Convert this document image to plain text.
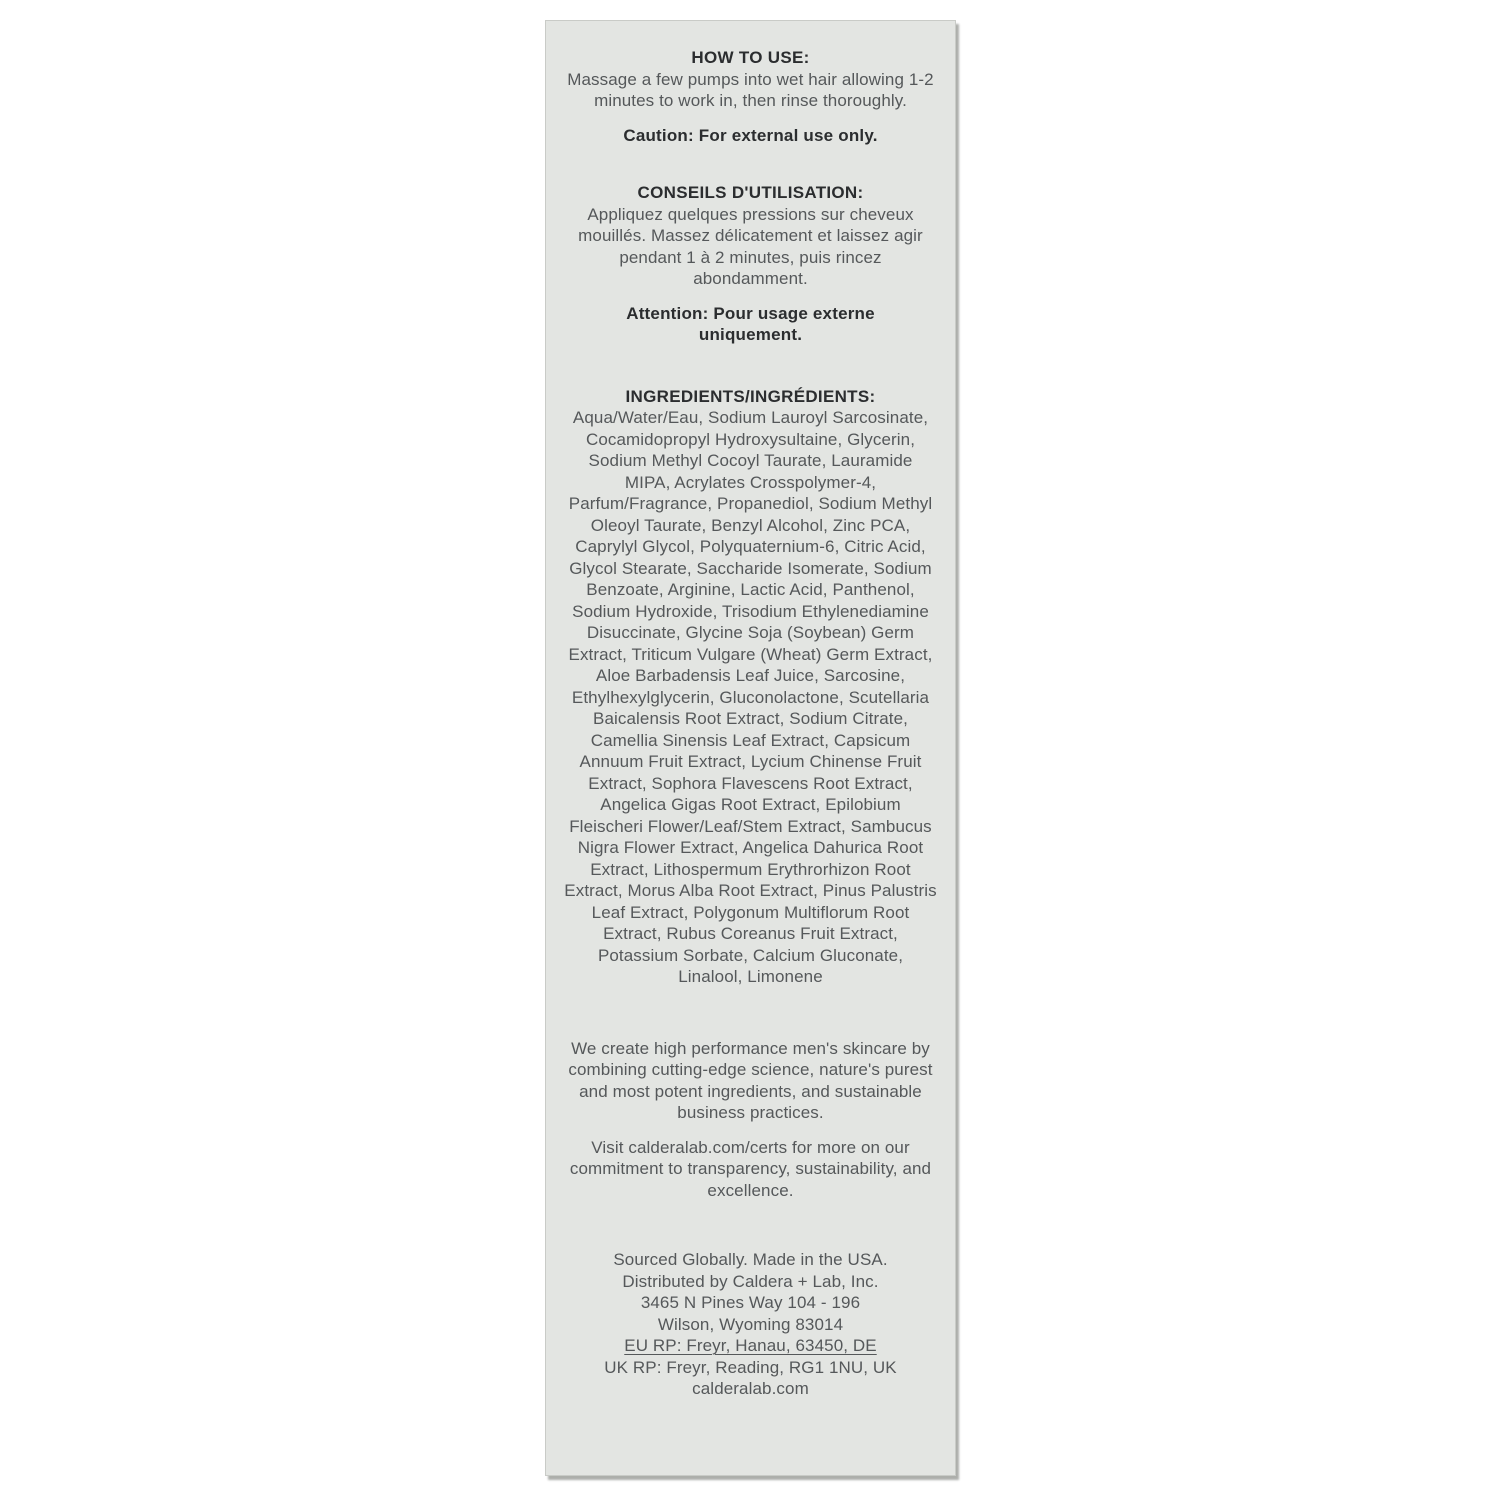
HOW TO USE:

Massage a few pumps into wet hair allowing 1-2 minutes to work in, then rinse thoroughly.

Caution: For external use only.

CONSEILS D'UTILISATION:

Appliquez quelques pressions sur cheveux mouillés. Massez délicatement et laissez agir pendant 1 à 2 minutes, puis rincez abondamment.

Attention: Pour usage externe uniquement.

INGREDIENTS/INGRÉDIENTS:

Aqua/Water/Eau, Sodium Lauroyl Sarcosinate, Cocamidopropyl Hydroxysultaine, Glycerin, Sodium Methyl Cocoyl Taurate, Lauramide MIPA, Acrylates Crosspolymer-4, Parfum/Fragrance, Propanediol, Sodium Methyl Oleoyl Taurate, Benzyl Alcohol, Zinc PCA, Caprylyl Glycol, Polyquaternium-6, Citric Acid, Glycol Stearate, Saccharide Isomerate, Sodium Benzoate, Arginine, Lactic Acid, Panthenol, Sodium Hydroxide, Trisodium Ethylenediamine Disuccinate, Glycine Soja (Soybean) Germ Extract, Triticum Vulgare (Wheat) Germ Extract, Aloe Barbadensis Leaf Juice, Sarcosine, Ethylhexylglycerin, Gluconolactone, Scutellaria Baicalensis Root Extract, Sodium Citrate, Camellia Sinensis Leaf Extract, Capsicum Annuum Fruit Extract, Lycium Chinense Fruit Extract, Sophora Flavescens Root Extract, Angelica Gigas Root Extract, Epilobium Fleischeri Flower/Leaf/Stem Extract, Sambucus Nigra Flower Extract, Angelica Dahurica Root Extract, Lithospermum Erythrorhizon Root Extract, Morus Alba Root Extract, Pinus Palustris Leaf Extract, Polygonum Multiflorum Root Extract, Rubus Coreanus Fruit Extract, Potassium Sorbate, Calcium Gluconate, Linalool, Limonene

We create high performance men's skincare by combining cutting-edge science, nature's purest and most potent ingredients, and sustainable business practices.

Visit calderalab.com/certs for more on our commitment to transparency, sustainability, and excellence.

Sourced Globally. Made in the USA.
Distributed by Caldera + Lab, Inc.
3465 N Pines Way 104 - 196
Wilson, Wyoming 83014
EU RP: Freyr, Hanau, 63450, DE
UK RP: Freyr, Reading, RG1 1NU, UK
calderalab.com
